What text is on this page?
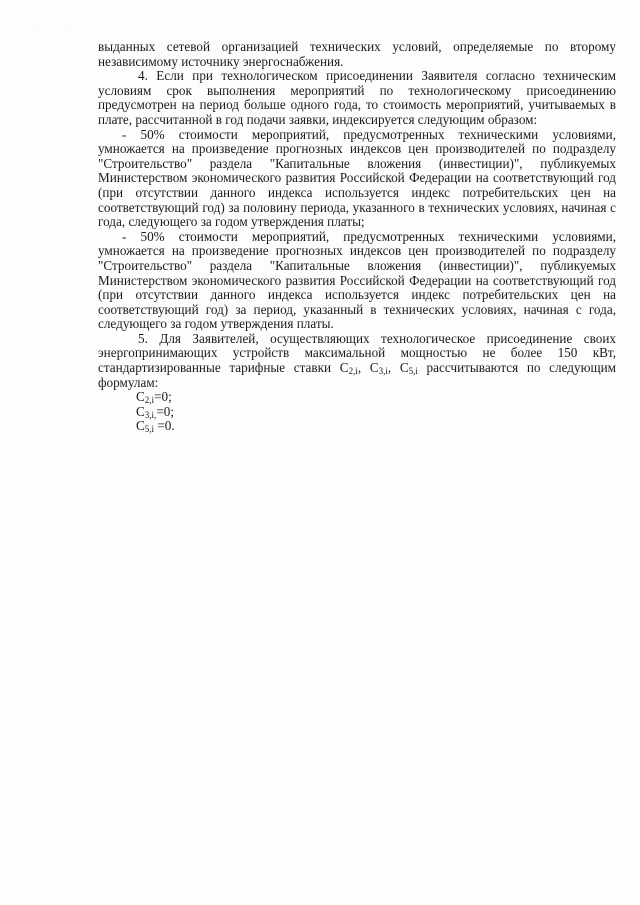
· ·

выданных сетевой организацией технических условий, определяемые по второму независимому источнику энергоснабжения.

4. Если при технологическом присоединении Заявителя согласно техническим условиям срок выполнения мероприятий по технологическому присоединению предусмотрен на период больше одного года, то стоимость мероприятий, учитываемых в плате, рассчитанной в год подачи заявки, индексируется следующим образом:

- 50% стоимости мероприятий, предусмотренных техническими условиями, умножается на произведение прогнозных индексов цен производителей по подразделу "Строительство" раздела "Капитальные вложения (инвестиции)", публикуемых Министерством экономического развития Российской Федерации на соответствующий год (при отсутствии данного индекса используется индекс потребительских цен на соответствующий год) за половину периода, указанного в технических условиях, начиная с года, следующего за годом утверждения платы;

- 50% стоимости мероприятий, предусмотренных техническими условиями, умножается на произведение прогнозных индексов цен производителей по подразделу "Строительство" раздела "Капитальные вложения (инвестиции)", публикуемых Министерством экономического развития Российской Федерации на соответствующий год (при отсутствии данного индекса используется индекс потребительских цен на соответствующий год) за период, указанный в технических условиях, начиная с года, следующего за годом утверждения платы.

5. Для Заявителей, осуществляющих технологическое присоединение своих энергопринимающих устройств максимальной мощностью не более 150 кВт, стандартизированные тарифные ставки $C_{2,i}$, $C_{3,i}$, $C_{5,i}$ рассчитываются по следующим формулам:

$C_{2,i}=0$;
$C_{3,i,}=0$;
$C_{5,i} =0$.
